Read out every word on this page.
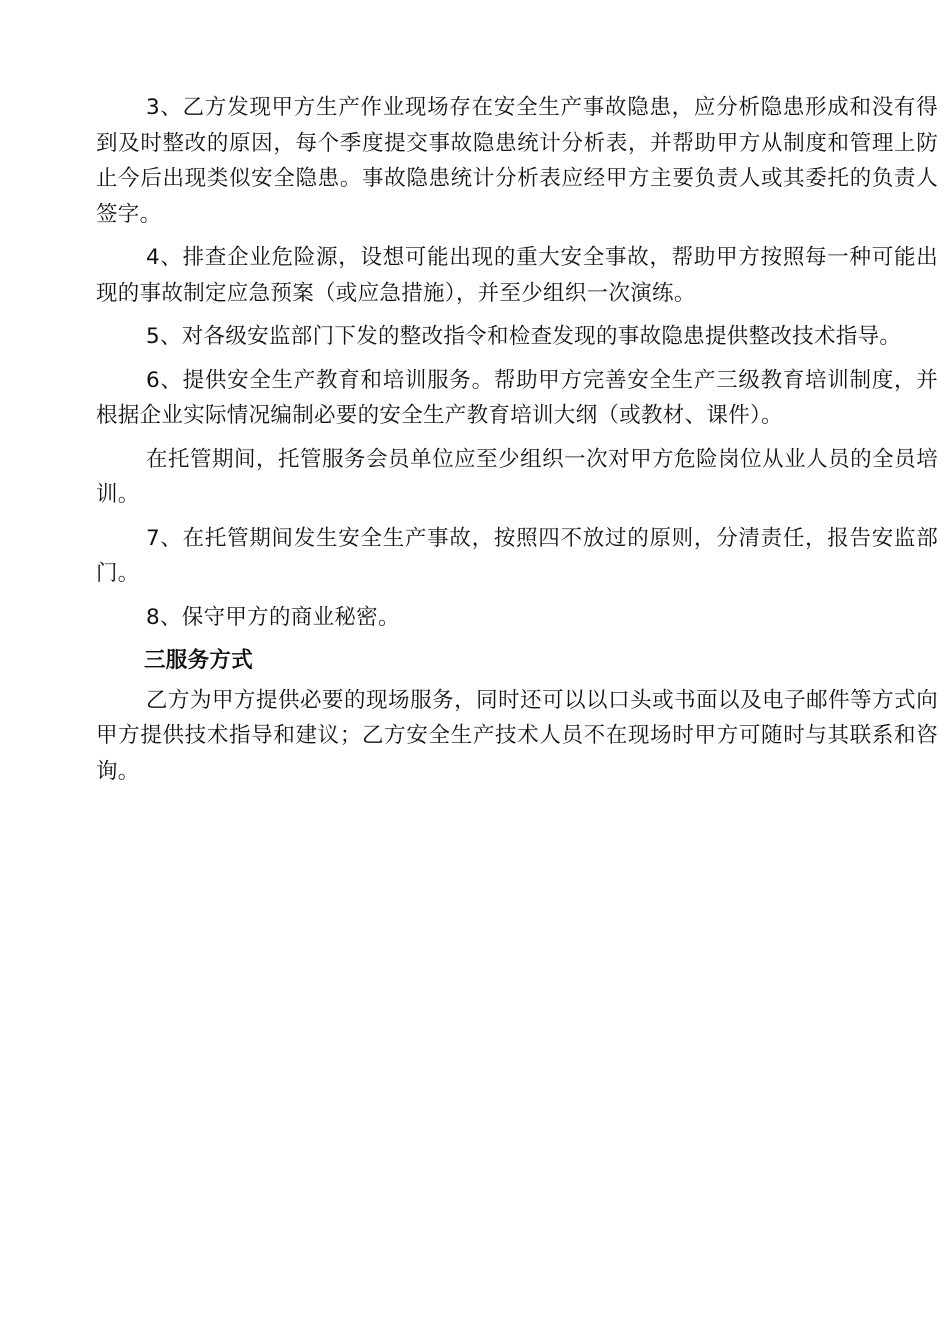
3、乙方发现甲方生产作业现场存在安全生产事故隐患，应分析隐患形成和没有得到及时整改的原因，每个季度提交事故隐患统计分析表，并帮助甲方从制度和管理上防止今后出现类似安全隐患。事故隐患统计分析表应经甲方主要负责人或其委托的负责人签字。

4、排查企业危险源，设想可能出现的重大安全事故，帮助甲方按照每一种可能出现的事故制定应急预案（或应急措施），并至少组织一次演练。

5、对各级安监部门下发的整改指令和检查发现的事故隐患提供整改技术指导。

6、提供安全生产教育和培训服务。帮助甲方完善安全生产三级教育培训制度，并根据企业实际情况编制必要的安全生产教育培训大纲（或教材、课件）。

在托管期间，托管服务会员单位应至少组织一次对甲方危险岗位从业人员的全员培训。

7、在托管期间发生安全生产事故，按照四不放过的原则，分清责任，报告安监部门。

8、保守甲方的商业秘密。

三服务方式

乙方为甲方提供必要的现场服务，同时还可以以口头或书面以及电子邮件等方式向甲方提供技术指导和建议；乙方安全生产技术人员不在现场时甲方可随时与其联系和咨询。
